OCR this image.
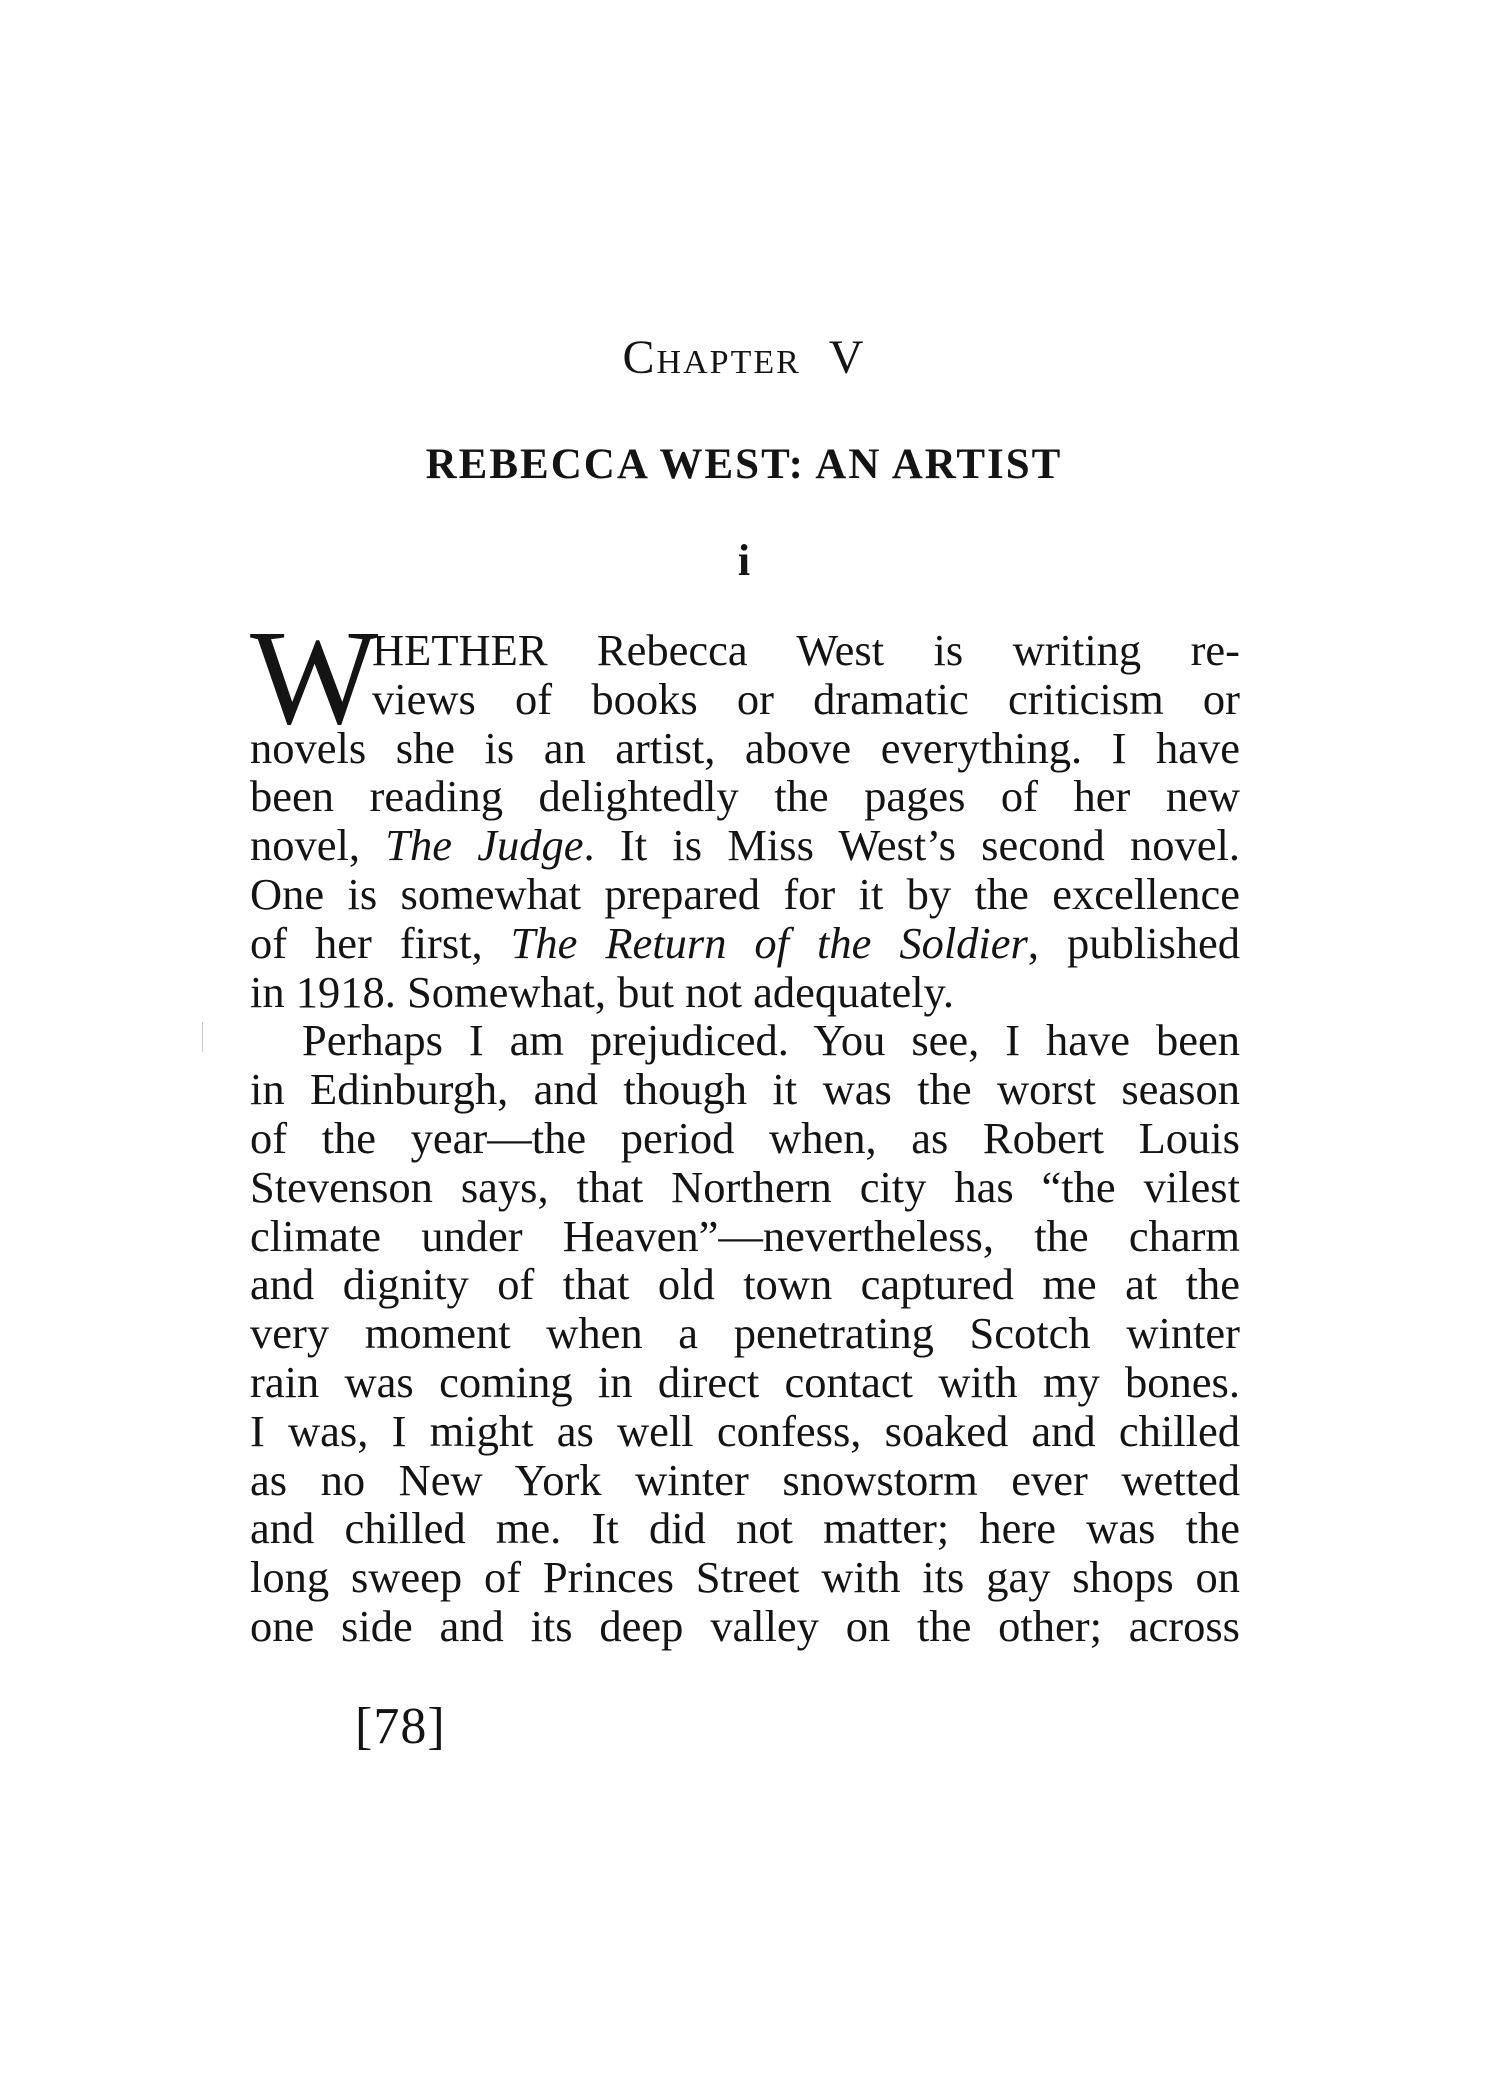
Chapter V
REBECCA WEST: AN ARTIST
i
W
HETHER Rebecca West is writing re-
views of books or dramatic criticism or
novels she is an artist, above everything. I have
been reading delightedly the pages of her new
novel, The Judge. It is Miss West’s second novel.
One is somewhat prepared for it by the excellence
of her first, The Return of the Soldier, published
in 1918. Somewhat, but not adequately.
Perhaps I am prejudiced. You see, I have been
in Edinburgh, and though it was the worst season
of the year—the period when, as Robert Louis
Stevenson says, that Northern city has “the vilest
climate under Heaven”—nevertheless, the charm
and dignity of that old town captured me at the
very moment when a penetrating Scotch winter
rain was coming in direct contact with my bones.
I was, I might as well confess, soaked and chilled
as no New York winter snowstorm ever wetted
and chilled me. It did not matter; here was the
long sweep of Princes Street with its gay shops on
one side and its deep valley on the other; across
[78]
